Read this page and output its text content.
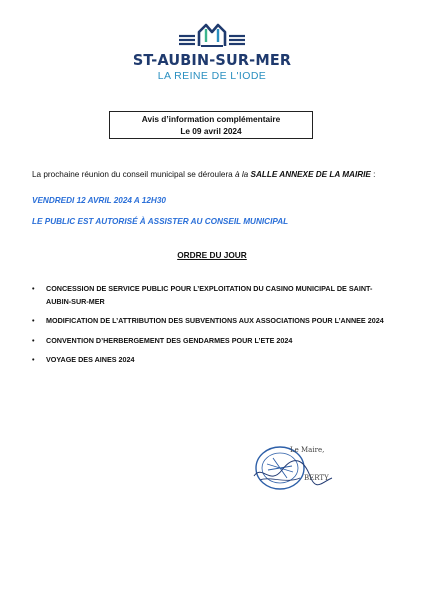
ST-AUBIN-SUR-MER
LA REINE DE L'IODE
Avis d’information complémentaire
Le 09 avril 2024
La prochaine réunion du conseil municipal se déroulera à la SALLE ANNEXE DE LA MAIRIE :
VENDREDI 12 AVRIL 2024 A 12H30
LE PUBLIC EST AUTORISÉ À ASSISTER AU CONSEIL MUNICIPAL
ORDRE DU JOUR
• CONCESSION DE SERVICE PUBLIC POUR L’EXPLOITATION DU CASINO MUNICIPAL DE SAINT-AUBIN-SUR-MER
• MODIFICATION DE L’ATTRIBUTION DES SUBVENTIONS AUX ASSOCIATIONS POUR L’ANNEE 2024
• CONVENTION D’HERBERGEMENT DES GENDARMES POUR L’ETE 2024
• VOYAGE DES AINES 2024
Le Maire,
BERTY
